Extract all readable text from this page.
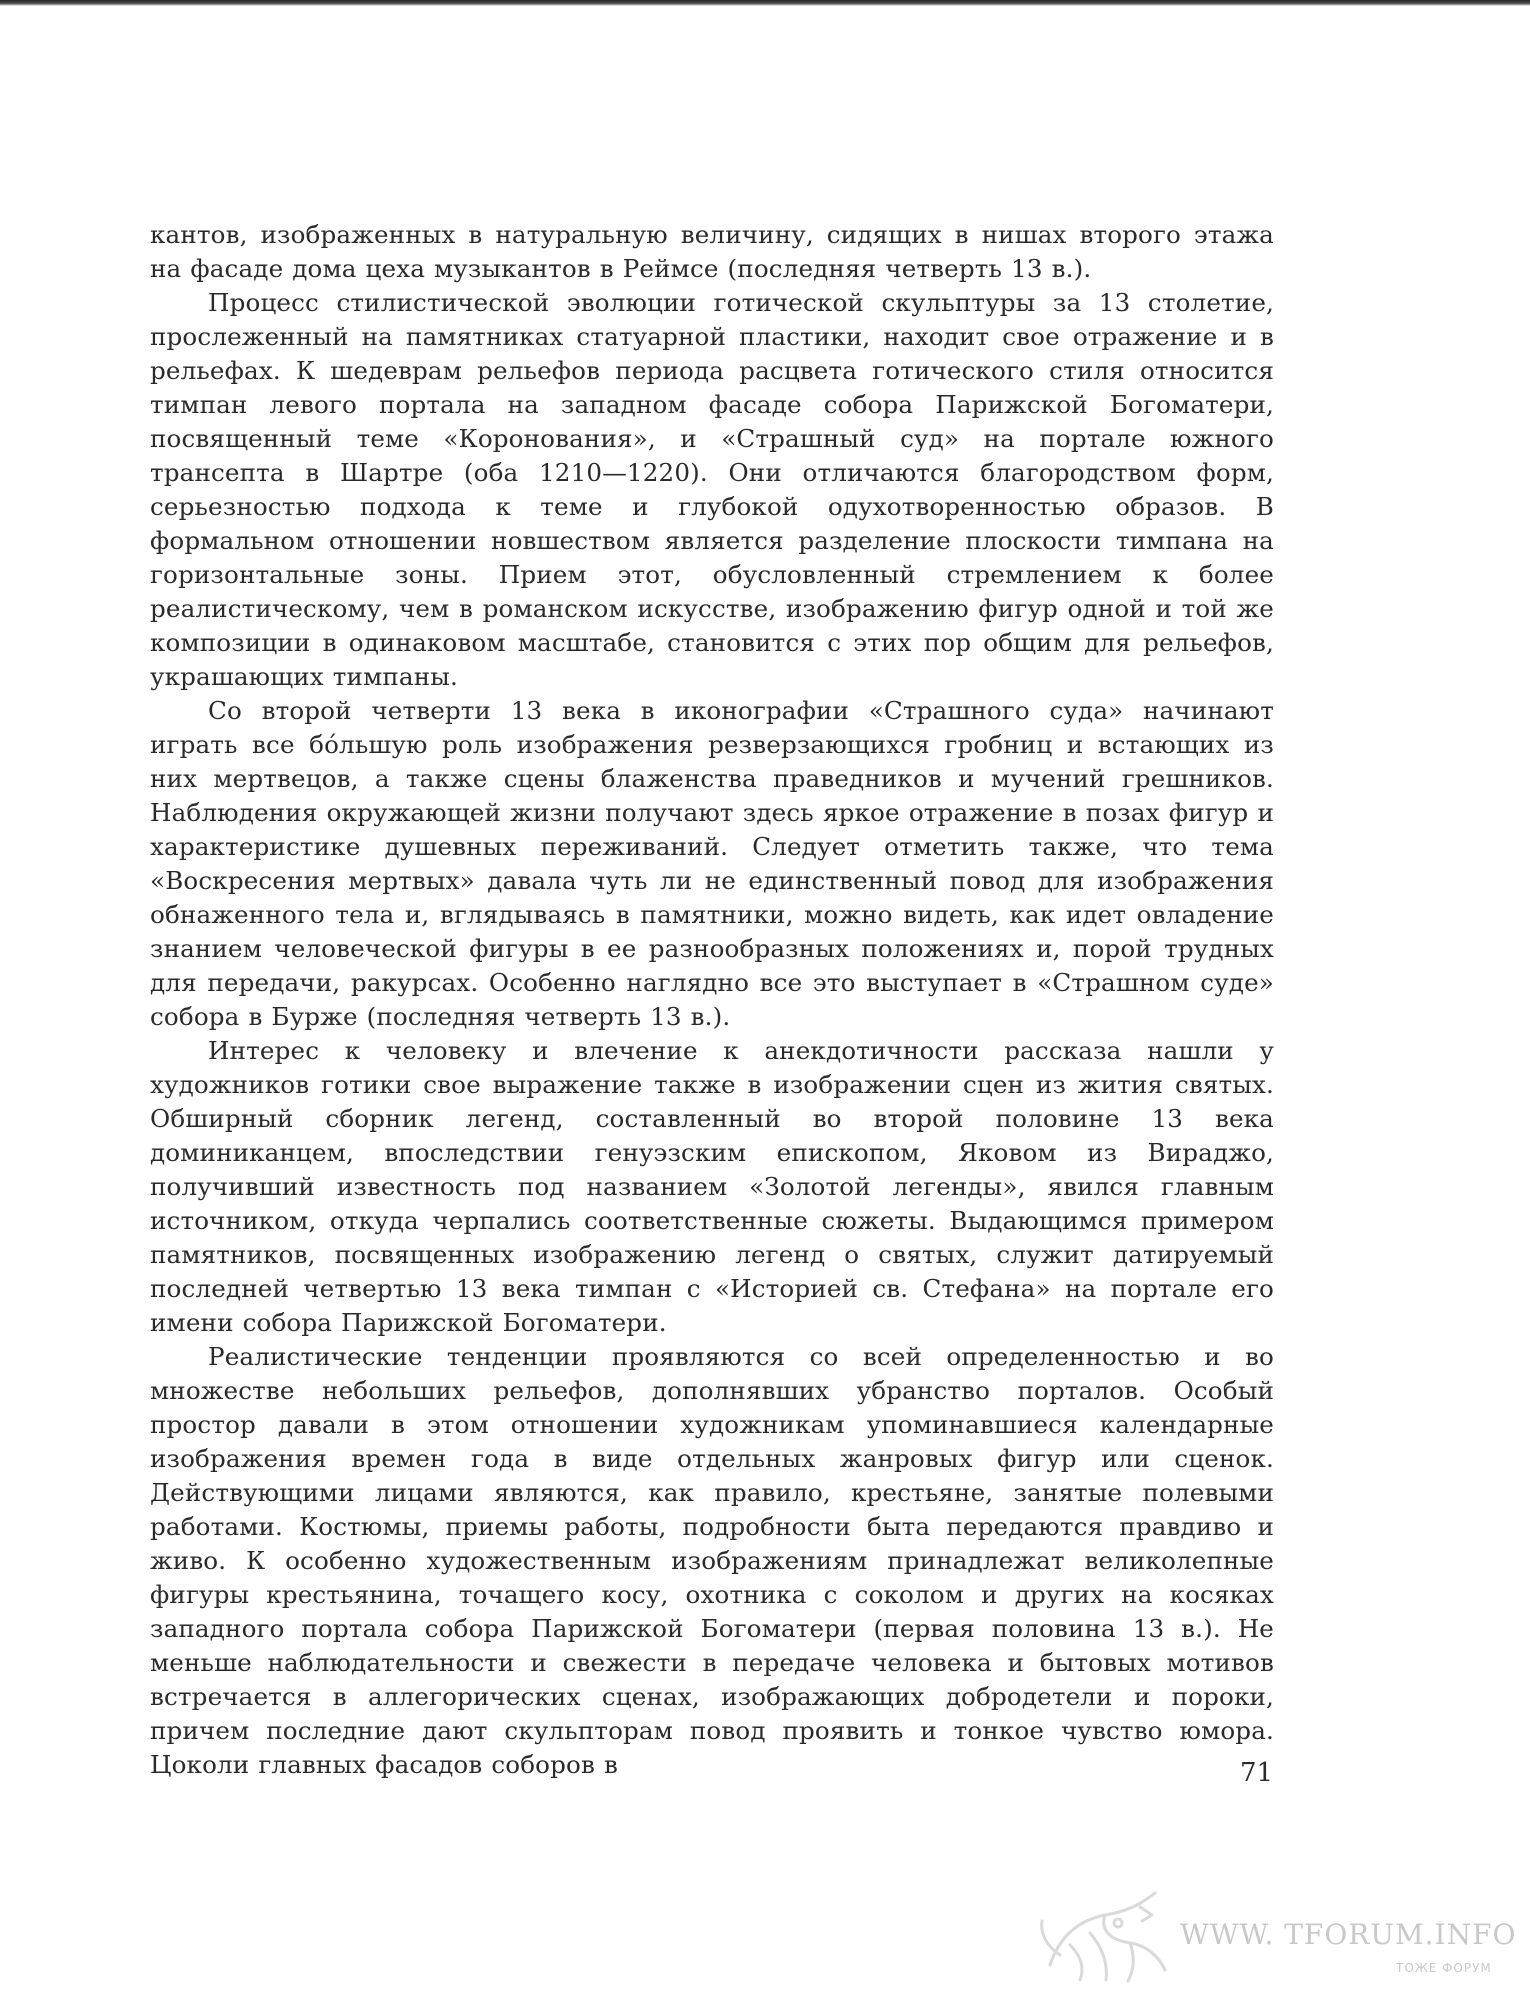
кантов, изображенных в натуральную величину, сидящих в нишах второго этажа на фасаде дома цеха музыкантов в Реймсе (последняя четверть 13 в.).

Процесс стилистической эволюции готической скульптуры за 13 столетие, прослеженный на памятниках статуарной пластики, находит свое отражение и в рельефах. К шедеврам рельефов периода расцвета готического стиля относится тимпан левого портала на западном фасаде собора Парижской Богоматери, посвященный теме «Коронования», и «Страшный суд» на портале южного трансепта в Шартре (оба 1210—1220). Они отличаются благородством форм, серьезностью подхода к теме и глубокой одухотворенностью образов. В формальном отношении новшеством является разделение плоскости тимпана на горизонтальные зоны. Прием этот, обусловленный стремлением к более реалистическому, чем в романском искусстве, изображению фигур одной и той же композиции в одинаковом масштабе, становится с этих пор общим для рельефов, украшающих тимпаны.

Со второй четверти 13 века в иконографии «Страшного суда» начинают играть все бо́льшую роль изображения резверзающихся гробниц и встающих из них мертвецов, а также сцены блаженства праведников и мучений грешников. Наблюдения окружающей жизни получают здесь яркое отражение в позах фигур и характеристике душевных переживаний. Следует отметить также, что тема «Воскресения мертвых» давала чуть ли не единственный повод для изображения обнаженного тела и, вглядываясь в памятники, можно видеть, как идет овладение знанием человеческой фигуры в ее разнообразных положениях и, порой трудных для передачи, ракурсах. Особенно наглядно все это выступает в «Страшном суде» собора в Бурже (последняя четверть 13 в.).

Интерес к человеку и влечение к анекдотичности рассказа нашли у художников готики свое выражение также в изображении сцен из жития святых. Обширный сборник легенд, составленный во второй половине 13 века доминиканцем, впоследствии генуэзским епископом, Яковом из Вираджо, получивший известность под названием «Золотой легенды», явился главным источником, откуда черпались соответственные сюжеты. Выдающимся примером памятников, посвященных изображению легенд о святых, служит датируемый последней четвертью 13 века тимпан с «Историей св. Стефана» на портале его имени собора Парижской Богоматери.

Реалистические тенденции проявляются со всей определенностью и во множестве небольших рельефов, дополнявших убранство порталов. Особый простор давали в этом отношении художникам упоминавшиеся календарные изображения времен года в виде отдельных жанровых фигур или сценок. Действующими лицами являются, как правило, крестьяне, занятые полевыми работами. Костюмы, приемы работы, подробности быта передаются правдиво и живо. К особенно художественным изображениям принадлежат великолепные фигуры крестьянина, точащего косу, охотника с соколом и других на косяках западного портала собора Парижской Богоматери (первая половина 13 в.). Не меньше наблюдательности и свежести в передаче человека и бытовых мотивов встречается в аллегорических сценах, изображающих добродетели и пороки, причем последние дают скульпторам повод проявить и тонкое чувство юмора. Цоколи главных фасадов соборов в	71
WWW. TFORUM.INFO
ТОЖЕ ФОРУМ
